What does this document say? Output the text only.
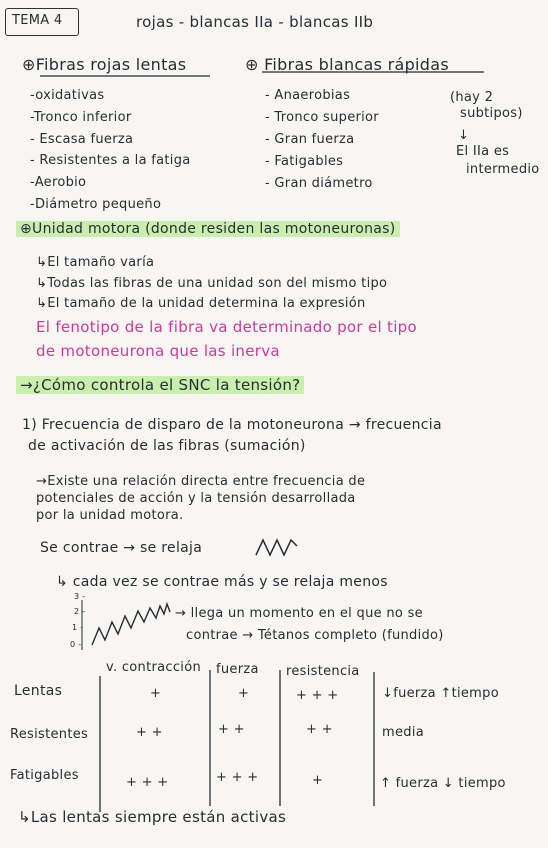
TEMA 4	rojas - blancas IIa - blancas IIb
⊕Fibras rojas lentas
-oxidativas
-Tronco inferior
- Escasa fuerza
- Resistentes a la fatiga
-Aerobio
-Diámetro pequeño
⊕ Fibras blancas rápidas
- Anaerobias
- Tronco superior
- Gran fuerza
- Fatigables
- Gran diámetro
(hay 2
subtipos)
↓
El IIa es
intermedio
⊕Unidad motora (donde residen las motoneuronas)
↳El tamaño varía
↳Todas las fibras de una unidad son del mismo tipo
↳El tamaño de la unidad determina la expresión
El fenotipo de la fibra va determinado por el tipo
de motoneurona que las inerva
→¿Cómo controla el SNC la tensión?
1) Frecuencia de disparo de la motoneurona → frecuencia
de activación de las fibras (sumación)
→Existe una relación directa entre frecuencia de
potenciales de acción y la tensión desarrollada
por la unidad motora.
Se contrae → se relaja
↳ cada vez se contrae más y se relaja menos
3 -
2 -
1 -
0 -
→ llega un momento en el que no se
contrae → Tétanos completo (fundido)
v. contracción fuerza resistencia
Lentas	+	+	+ + +	↓fuerza ↑tiempo
Resistentes	+ +	+ +	+ +	media
Fatigables	+ + +	+ + +	+	↑ fuerza ↓ tiempo
↳Las lentas siempre están activas
